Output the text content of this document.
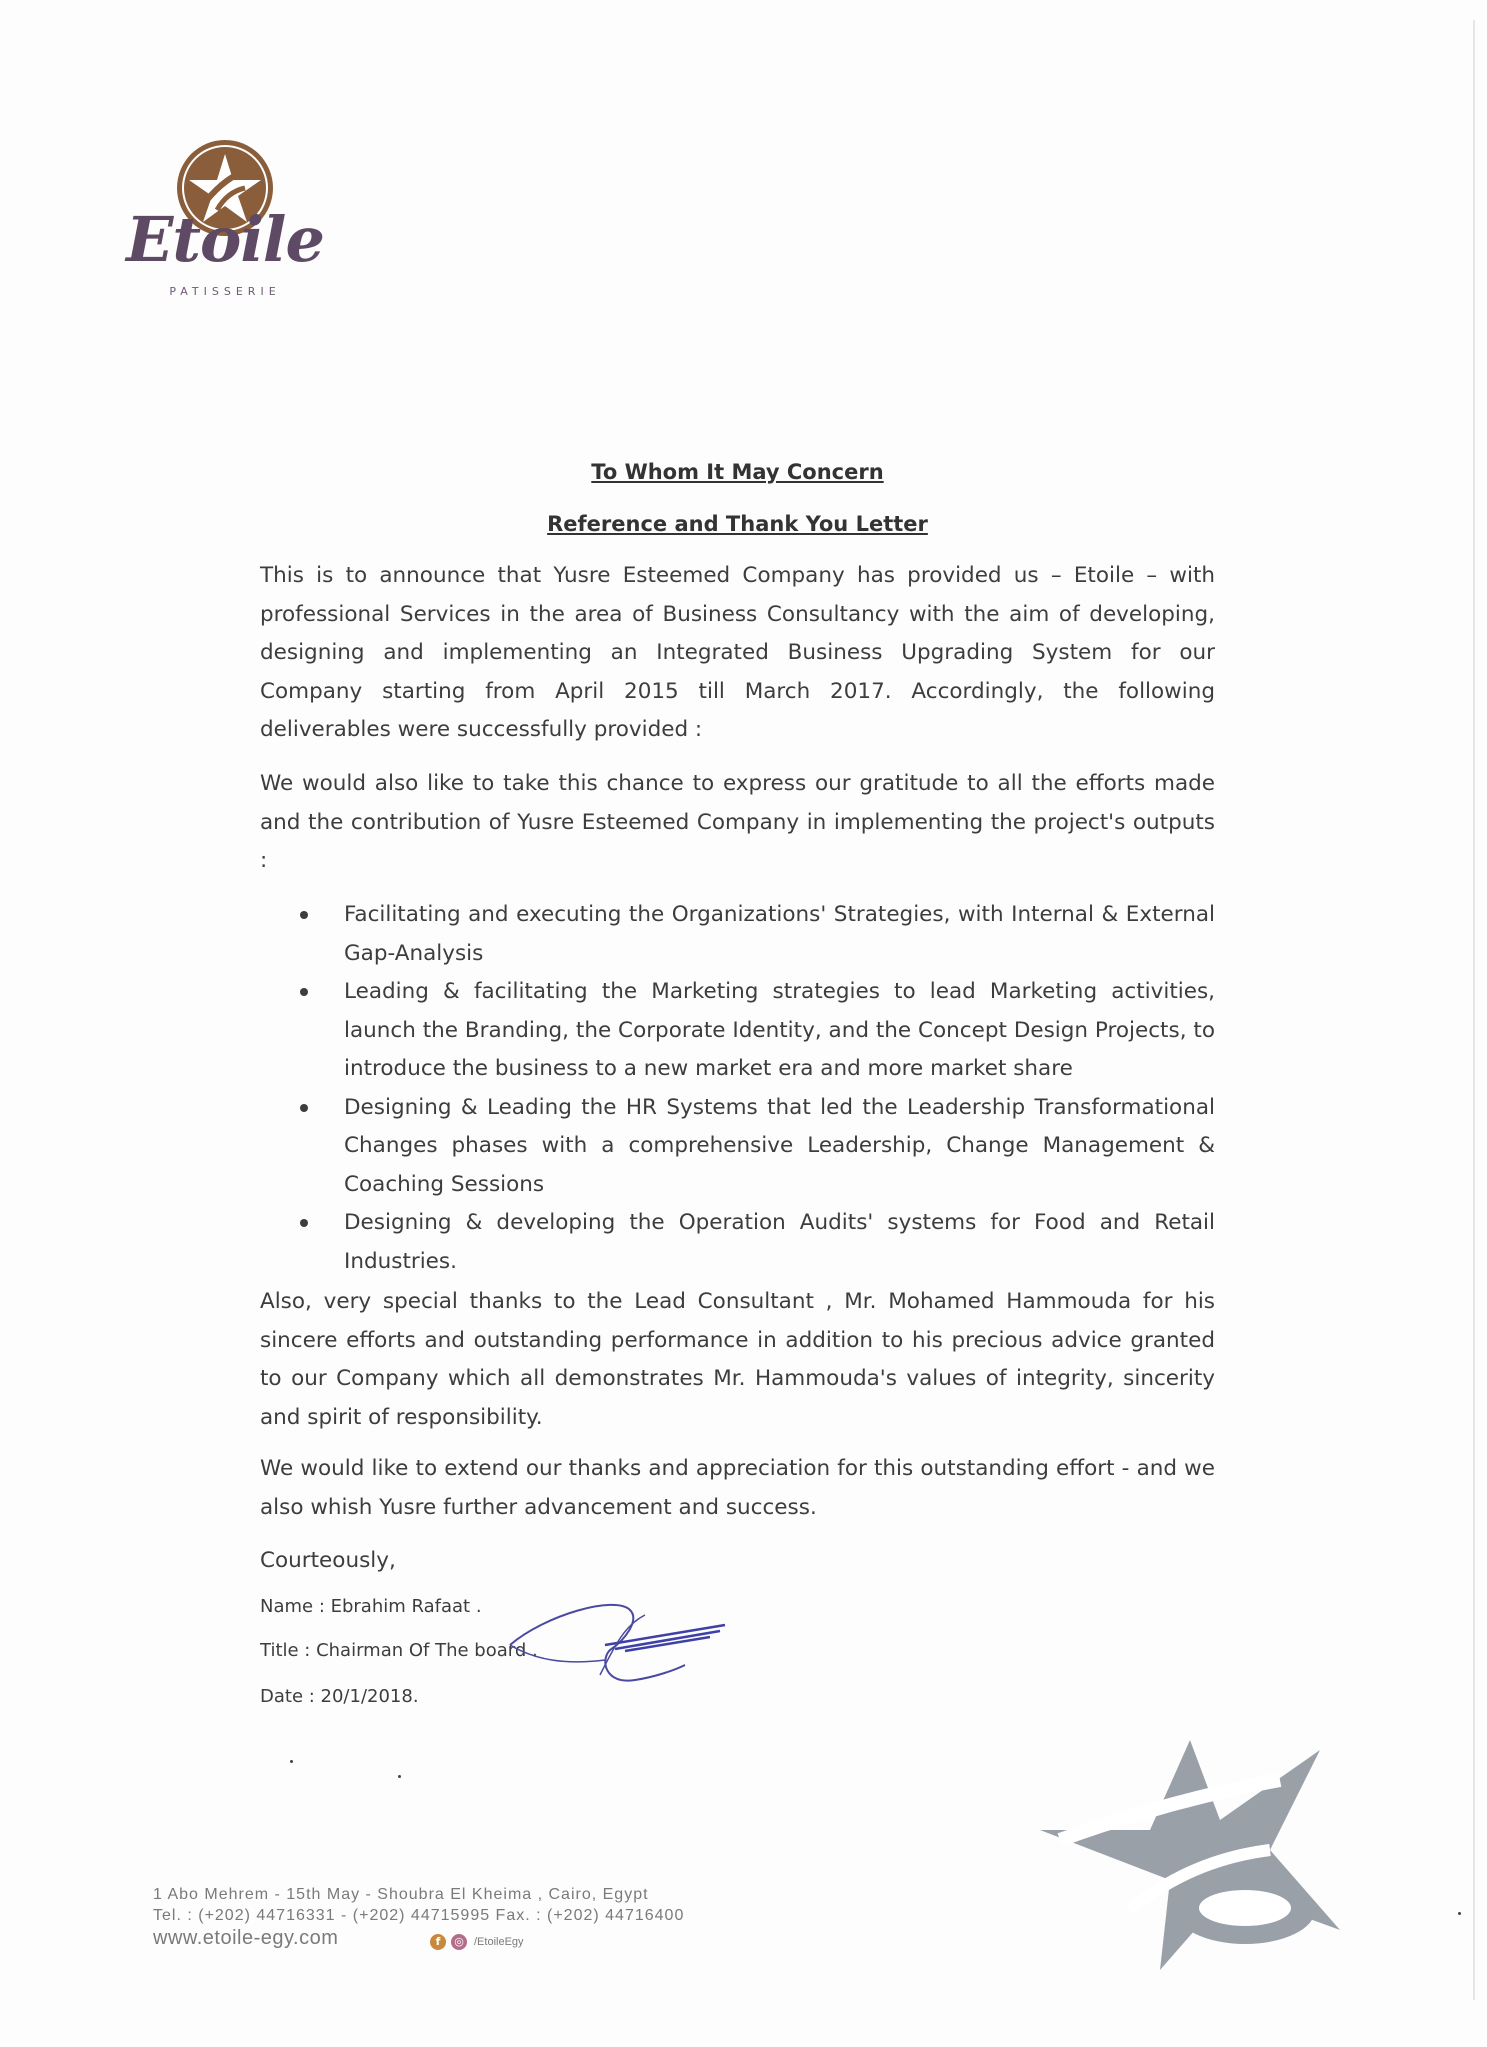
Etoile
PATISSERIE
To Whom It May Concern
Reference and Thank You Letter
This is to announce that Yusre Esteemed Company has provided us – Etoile – with professional Services in the area of Business Consultancy with the aim of developing, designing and implementing an Integrated Business Upgrading System for our Company starting from April 2015 till March 2017. Accordingly, the following deliverables were successfully provided :
We would also like to take this chance to express our gratitude to all the efforts made and the contribution of Yusre Esteemed Company in implementing the project's outputs :
Facilitating and executing the Organizations' Strategies, with Internal & External Gap-Analysis
Leading & facilitating the Marketing strategies to lead Marketing activities, launch the Branding, the Corporate Identity, and the Concept Design Projects, to introduce the business to a new market era and more market share
Designing & Leading the HR Systems that led the Leadership Transformational Changes phases with a comprehensive Leadership, Change Management & Coaching Sessions
Designing & developing the Operation Audits' systems for Food and Retail Industries.
Also, very special thanks to the Lead Consultant , Mr. Mohamed Hammouda for his sincere efforts and outstanding performance in addition to his precious advice granted to our Company which all demonstrates Mr. Hammouda's values of integrity, sincerity and spirit of responsibility.
We would like to extend our thanks and appreciation for this outstanding effort - and we also whish Yusre further advancement and success.
Courteously,
Name : Ebrahim Rafaat .
Title : Chairman Of The board .
Date : 20/1/2018.
1 Abo Mehrem - 15th May - Shoubra El Kheima , Cairo, Egypt
Tel. : (+202) 44716331 - (+202) 44715995 Fax. : (+202) 44716400
www.etoile-egy.com	f	◎ /EtoileEgy
